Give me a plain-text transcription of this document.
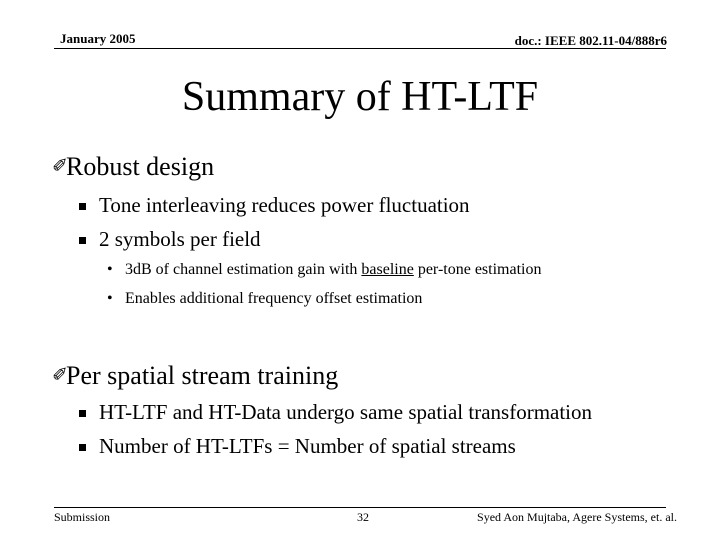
January 2005	doc.: IEEE 802.11-04/888r6
Summary of HT-LTF
✐
Robust design
Tone interleaving reduces power fluctuation
2 symbols per field
• 3dB of channel estimation gain with baseline per-tone estimation
• Enables additional frequency offset estimation
✐
Per spatial stream training
HT-LTF and HT-Data undergo same spatial transformation
Number of HT-LTFs = Number of spatial streams
Submission	32	Syed Aon Mujtaba, Agere Systems, et. al.
